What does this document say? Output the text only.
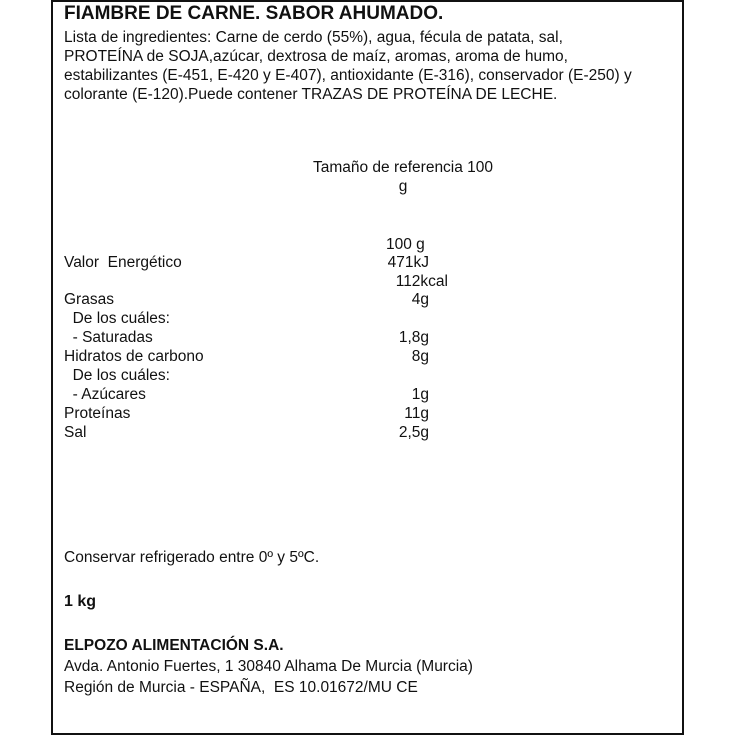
FIAMBRE DE CARNE. SABOR AHUMADO.
Lista de ingredientes: Carne de cerdo (55%), agua, fécula de patata, sal,
PROTEÍNA de SOJA,azúcar, dextrosa de maíz, aromas, aroma de humo,
estabilizantes (E-451, E-420 y E-407), antioxidante (E-316), conservador (E-250) y
colorante (E-120).Puede contener TRAZAS DE PROTEÍNA DE LECHE.
Tamaño de referencia 100
g
100 g
Valor  Energético	471kJ
112kcal
Grasas	4g
De los cuáles:
- Saturadas	1,8g
Hidratos de carbono	8g
De los cuáles:
- Azúcares	1g
Proteínas	11g
Sal	2,5g
Conservar refrigerado entre 0º y 5ºC.
1 kg
ELPOZO ALIMENTACIÓN S.A.
Avda. Antonio Fuertes, 1 30840 Alhama De Murcia (Murcia)
Región de Murcia - ESPAÑA,  ES 10.01672/MU CE
